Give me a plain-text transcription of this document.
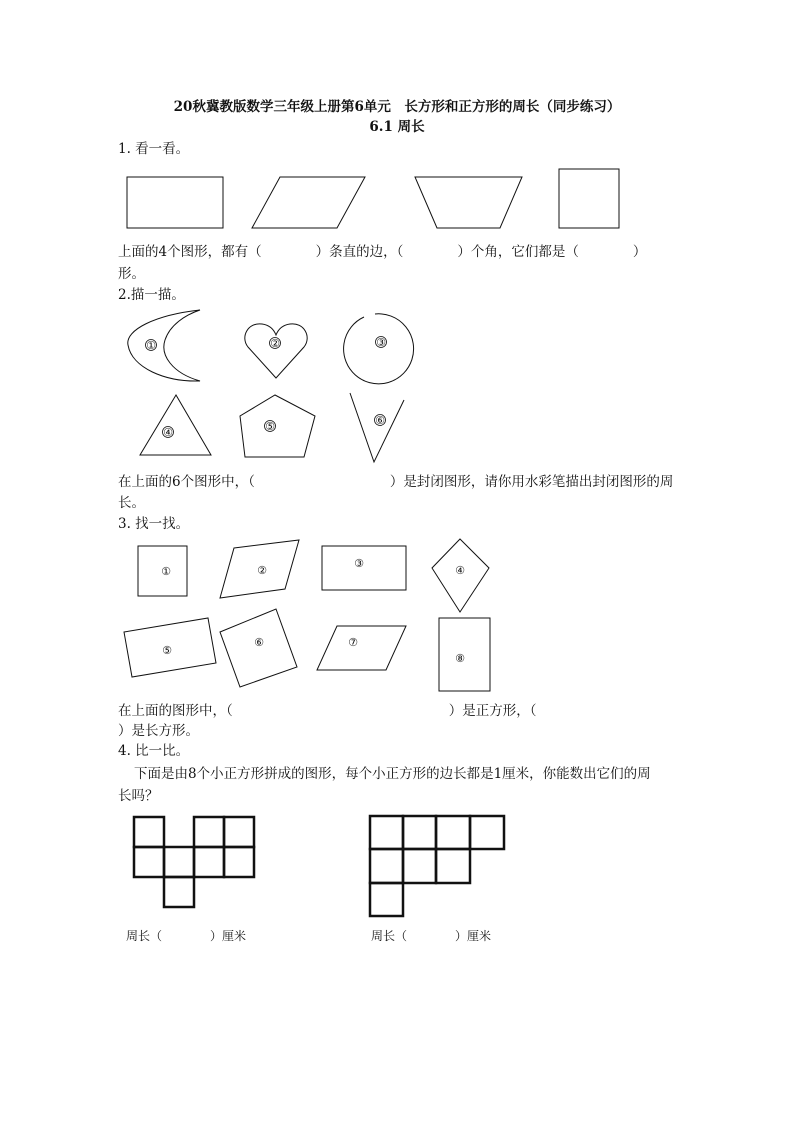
20秋冀教版数学三年级上册第6单元　长方形和正方形的周长（同步练习）
6.1 周长
1. 看一看。
上面的4个图形，都有（　　　　）条直的边，（　　　　）个角，它们都是（　　　　）
形。
2.描一描。
在上面的6个图形中，（　　　　　　　　　　）是封闭图形，请你用水彩笔描出封闭图形的周
长。
3. 找一找。
在上面的图形中，（　　　　　　　　　　　　　　　　）是正方形，（
）是长方形。
4. 比一比。
下面是由8个小正方形拼成的图形，每个小正方形的边长都是1厘米，你能数出它们的周
长吗？
周长（　　　　）厘米	周长（　　　　）厘米
①	②	③
④	⑤	⑥
①	②
③
④
⑤
⑥	⑦
⑧
